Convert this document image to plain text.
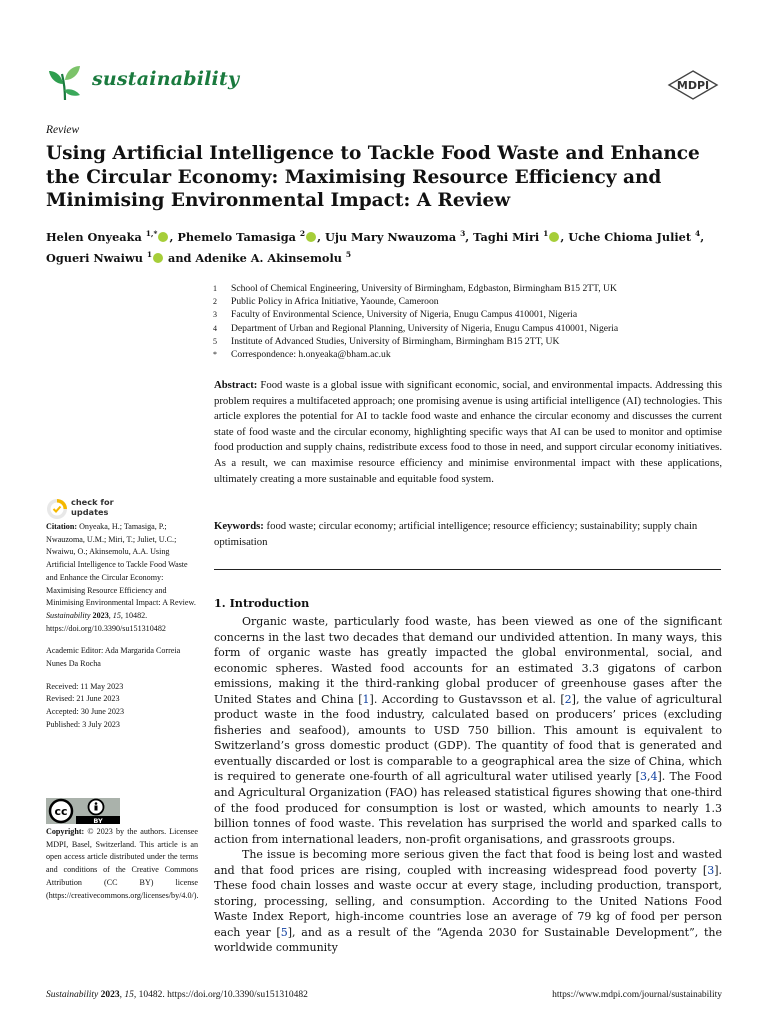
sustainability	MDPI
Review
Using Artificial Intelligence to Tackle Food Waste and Enhance the Circular Economy: Maximising Resource Efficiency and Minimising Environmental Impact: A Review
Helen Onyeaka $^{1,*}$ , Phemelo Tamasiga $^2$ , Uju Mary Nwauzoma $^3$, Taghi Miri $^1$ , Uche Chioma Juliet $^4$,
Ogueri Nwaiwu $^1$ and Adenike A. Akinsemolu $^5$
1	School of Chemical Engineering, University of Birmingham, Edgbaston, Birmingham B15 2TT, UK
2	Public Policy in Africa Initiative, Yaounde, Cameroon
3	Faculty of Environmental Science, University of Nigeria, Enugu Campus 410001, Nigeria
4	Department of Urban and Regional Planning, University of Nigeria, Enugu Campus 410001, Nigeria
5	Institute of Advanced Studies, University of Birmingham, Birmingham B15 2TT, UK
*	Correspondence: h.onyeaka@bham.ac.uk
Abstract: Food waste is a global issue with significant economic, social, and environmental impacts. Addressing this problem requires a multifaceted approach; one promising avenue is using artificial intelligence (AI) technologies. This article explores the potential for AI to tackle food waste and enhance the circular economy and discusses the current state of food waste and the circular economy, highlighting specific ways that AI can be used to monitor and optimise food production and supply chains, redistribute excess food to those in need, and support circular economy initiatives. As a result, we can maximise resource efficiency and minimise environmental impact with these applications, ultimately creating a more sustainable and equitable food system.
Keywords: food waste; circular economy; artificial intelligence; resource efficiency; sustainability; supply chain optimisation
1. Introduction

Organic waste, particularly food waste, has been viewed as one of the significant concerns in the last two decades that demand our undivided attention. In many ways, this form of organic waste has greatly impacted the global environmental, social, and economic spheres. Wasted food accounts for an estimated 3.3 gigatons of carbon emissions, making it the third-ranking global producer of greenhouse gases after the United States and China [1]. According to Gustavsson et al. [2], the value of agricultural product waste in the food industry, calculated based on producers’ prices (excluding fisheries and seafood), amounts to USD 750 billion. This amount is equivalent to Switzerland’s gross domestic product (GDP). The quantity of food that is generated and eventually discarded or lost is comparable to a geographical area the size of China, which is required to generate one-fourth of all agricultural water utilised yearly [3,4]. The Food and Agricultural Organization (FAO) has released statistical figures showing that one-third of the food produced for consumption is lost or wasted, which amounts to nearly 1.3 billion tonnes of food waste. This revelation has surprised the world and sparked calls to action from international leaders, non-profit organisations, and grassroots groups.

The issue is becoming more serious given the fact that food is being lost and wasted and that food prices are rising, coupled with increasing widespread food poverty [3]. These food chain losses and waste occur at every stage, including production, transport, storing, processing, selling, and consumption. According to the United Nations Food Waste Index Report, high-income countries lose an average of 79 kg of food per person each year [5], and as a result of the “Agenda 2030 for Sustainable Development”, the worldwide community

check for
updates
Citation: Onyeaka, H.; Tamasiga, P.; Nwauzoma, U.M.; Miri, T.; Juliet, U.C.; Nwaiwu, O.; Akinsemolu, A.A. Using Artificial Intelligence to Tackle Food Waste and Enhance the Circular Economy: Maximising Resource Efficiency and Minimising Environmental Impact: A Review. Sustainability 2023, 15, 10482. https://doi.org/10.3390/su151310482
Academic Editor: Ada Margarida Correia Nunes Da Rocha
Received: 11 May 2023
Revised: 21 June 2023
Accepted: 30 June 2023
Published: 3 July 2023
cc
BY
Copyright: © 2023 by the authors. Licensee MDPI, Basel, Switzerland. This article is an open access article distributed under the terms and conditions of the Creative Commons Attribution (CC BY) license (https://creativecommons.org/licenses/by/4.0/).
Sustainability 2023, 15, 10482. https://doi.org/10.3390/su151310482	https://www.mdpi.com/journal/sustainability
